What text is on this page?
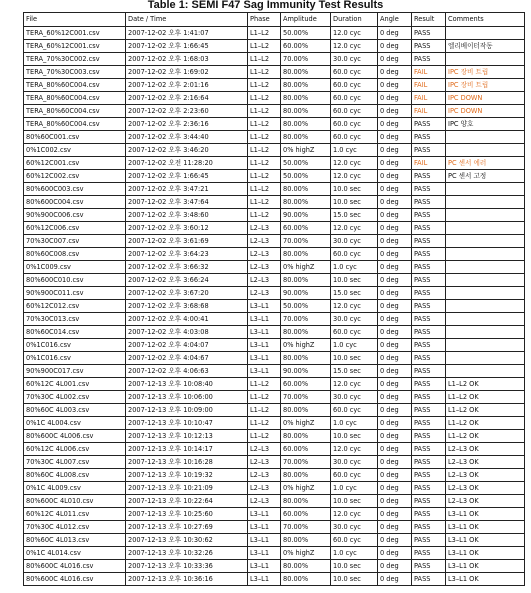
Table 1: SEMI F47 Sag Immunity Test Results
File	Date / Time	Phase	Amplitude	Duration	Angle	Result	Comments
TERA_60%12C001.csv	2007-12-02 오후 1:41:07	L1–L2	50.00%	12.0 cyc	0 deg	PASS	
TERA_60%12C001.csv	2007-12-02 오후 1:66:45	L1–L2	60.00%	12.0 cyc	0 deg	PASS	엘리베이터작동
TERA_70%30C002.csv	2007-12-02 오후 1:68:03	L1–L2	70.00%	30.0 cyc	0 deg	PASS	
TERA_70%30C003.csv	2007-12-02 오후 1:69:02	L1–L2	80.00%	60.0 cyc	0 deg	FAIL	IPC 장비 트립
TERA_80%60C004.csv	2007-12-02 오후 2:01:16	L1–L2	80.00%	60.0 cyc	0 deg	FAIL	IPC 장비 트립
TERA_80%60C004.csv	2007-12-02 오후 2:16:64	L1–L2	80.00%	60.0 cyc	0 deg	FAIL	IPC DOWN
TERA_80%60C004.csv	2007-12-02 오후 2:23:60	L1–L2	80.00%	60.0 cyc	0 deg	FAIL	IPC DOWN
TERA_80%60C004.csv	2007-12-02 오후 2:36:16	L1–L2	80.00%	60.0 cyc	0 deg	PASS	IPC 양호
80%60C001.csv	2007-12-02 오후 3:44:40	L1–L2	80.00%	60.0 cyc	0 deg	PASS	
0%1C002.csv	2007-12-02 오후 3:46:20	L1–L2	0% highZ	1.0 cyc	0 deg	PASS	
60%12C001.csv	2007-12-02 오전 11:28:20	L1–L2	50.00%	12.0 cyc	0 deg	FAIL	PC 센서 에러
60%12C002.csv	2007-12-02 오후 1:66:45	L1–L2	50.00%	12.0 cyc	0 deg	PASS	PC 센서 고정
80%600C003.csv	2007-12-02 오후 3:47:21	L1–L2	80.00%	10.0 sec	0 deg	PASS	
80%600C004.csv	2007-12-02 오후 3:47:64	L1–L2	80.00%	10.0 sec	0 deg	PASS	
90%900C006.csv	2007-12-02 오후 3:48:60	L1–L2	90.00%	15.0 sec	0 deg	PASS	
60%12C006.csv	2007-12-02 오후 3:60:12	L2–L3	60.00%	12.0 cyc	0 deg	PASS	
70%30C007.csv	2007-12-02 오후 3:61:69	L2–L3	70.00%	30.0 cyc	0 deg	PASS	
80%60C008.csv	2007-12-02 오후 3:64:23	L2–L3	80.00%	60.0 cyc	0 deg	PASS	
0%1C009.csv	2007-12-02 오후 3:66:32	L2–L3	0% highZ	1.0 cyc	0 deg	PASS	
80%600C010.csv	2007-12-02 오후 3:66:24	L2–L3	80.00%	10.0 sec	0 deg	PASS	
90%900C011.csv	2007-12-02 오후 3:67:20	L2–L3	90.00%	15.0 sec	0 deg	PASS	
60%12C012.csv	2007-12-02 오후 3:68:68	L3–L1	50.00%	12.0 cyc	0 deg	PASS	
70%30C013.csv	2007-12-02 오후 4:00:41	L3–L1	70.00%	30.0 cyc	0 deg	PASS	
80%60C014.csv	2007-12-02 오후 4:03:08	L3–L1	80.00%	60.0 cyc	0 deg	PASS	
0%1C016.csv	2007-12-02 오후 4:04:07	L3–L1	0% highZ	1.0 cyc	0 deg	PASS	
0%1C016.csv	2007-12-02 오후 4:04:67	L3–L1	80.00%	10.0 sec	0 deg	PASS	
90%900C017.csv	2007-12-02 오후 4:06:63	L3–L1	90.00%	15.0 sec	0 deg	PASS	
60%12C 4L001.csv	2007-12-13 오후 10:08:40	L1–L2	60.00%	12.0 cyc	0 deg	PASS	L1–L2 OK
70%30C 4L002.csv	2007-12-13 오후 10:06:00	L1–L2	70.00%	30.0 cyc	0 deg	PASS	L1–L2 OK
80%60C 4L003.csv	2007-12-13 오후 10:09:00	L1–L2	80.00%	60.0 cyc	0 deg	PASS	L1–L2 OK
0%1C 4L004.csv	2007-12-13 오후 10:10:47	L1–L2	0% highZ	1.0 cyc	0 deg	PASS	L1–L2 OK
80%600C 4L006.csv	2007-12-13 오후 10:12:13	L1–L2	80.00%	10.0 sec	0 deg	PASS	L1–L2 OK
60%12C 4L006.csv	2007-12-13 오후 10:14:17	L2–L3	60.00%	12.0 cyc	0 deg	PASS	L2–L3 OK
70%30C 4L007.csv	2007-12-13 오후 10:16:28	L2–L3	70.00%	30.0 cyc	0 deg	PASS	L2–L3 OK
80%60C 4L008.csv	2007-12-13 오후 10:19:32	L2–L3	80.00%	60.0 cyc	0 deg	PASS	L2–L3 OK
0%1C 4L009.csv	2007-12-13 오후 10:21:09	L2–L3	0% highZ	1.0 cyc	0 deg	PASS	L2–L3 OK
80%600C 4L010.csv	2007-12-13 오후 10:22:64	L2–L3	80.00%	10.0 sec	0 deg	PASS	L2–L3 OK
60%12C 4L011.csv	2007-12-13 오후 10:25:60	L3–L1	60.00%	12.0 cyc	0 deg	PASS	L3–L1 OK
70%30C 4L012.csv	2007-12-13 오후 10:27:69	L3–L1	70.00%	30.0 cyc	0 deg	PASS	L3–L1 OK
80%60C 4L013.csv	2007-12-13 오후 10:30:62	L3–L1	80.00%	60.0 cyc	0 deg	PASS	L3–L1 OK
0%1C 4L014.csv	2007-12-13 오후 10:32:26	L3–L1	0% highZ	1.0 cyc	0 deg	PASS	L3–L1 OK
80%600C 4L016.csv	2007-12-13 오후 10:33:36	L3–L1	80.00%	10.0 sec	0 deg	PASS	L3–L1 OK
80%600C 4L016.csv	2007-12-13 오후 10:36:16	L3–L1	80.00%	10.0 sec	0 deg	PASS	L3–L1 OK
